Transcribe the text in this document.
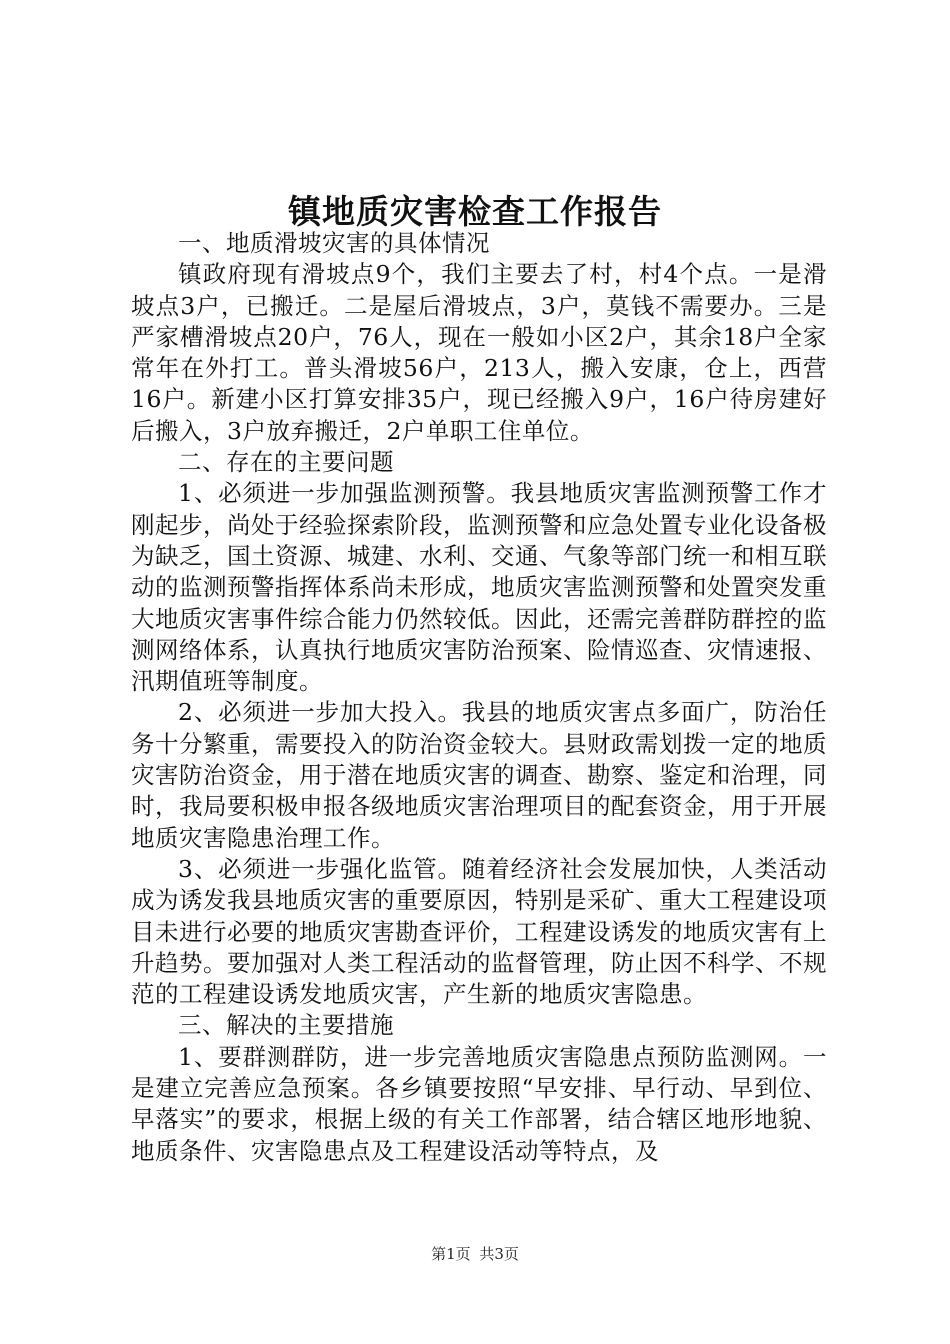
镇地质灾害检查工作报告

一、地质滑坡灾害的具体情况

镇政府现有滑坡点9个，我们主要去了村，村4个点。一是滑坡点3户，已搬迁。二是屋后滑坡点，3户，莫钱不需要办。三是严家槽滑坡点20户，76人，现在一般如小区2户，其余18户全家常年在外打工。普头滑坡56户，213人，搬入安康，仓上，西营16户。新建小区打算安排35户，现已经搬入9户，16户待房建好后搬入，3户放弃搬迁，2户单职工住单位。

二、存在的主要问题

1、必须进一步加强监测预警。我县地质灾害监测预警工作才刚起步，尚处于经验探索阶段，监测预警和应急处置专业化设备极为缺乏，国土资源、城建、水利、交通、气象等部门统一和相互联动的监测预警指挥体系尚未形成，地质灾害监测预警和处置突发重大地质灾害事件综合能力仍然较低。因此，还需完善群防群控的监测网络体系，认真执行地质灾害防治预案、险情巡查、灾情速报、汛期值班等制度。

2、必须进一步加大投入。我县的地质灾害点多面广，防治任务十分繁重，需要投入的防治资金较大。县财政需划拨一定的地质灾害防治资金，用于潜在地质灾害的调查、勘察、鉴定和治理，同时，我局要积极申报各级地质灾害治理项目的配套资金，用于开展地质灾害隐患治理工作。

3、必须进一步强化监管。随着经济社会发展加快，人类活动成为诱发我县地质灾害的重要原因，特别是采矿、重大工程建设项目未进行必要的地质灾害勘查评价，工程建设诱发的地质灾害有上升趋势。要加强对人类工程活动的监督管理，防止因不科学、不规范的工程建设诱发地质灾害，产生新的地质灾害隐患。

三、解决的主要措施

1、要群测群防，进一步完善地质灾害隐患点预防监测网。一是建立完善应急预案。各乡镇要按照“早安排、早行动、早到位、早落实”的要求，根据上级的有关工作部署，结合辖区地形地貌、地质条件、灾害隐患点及工程建设活动等特点，及

第1页 共3页
